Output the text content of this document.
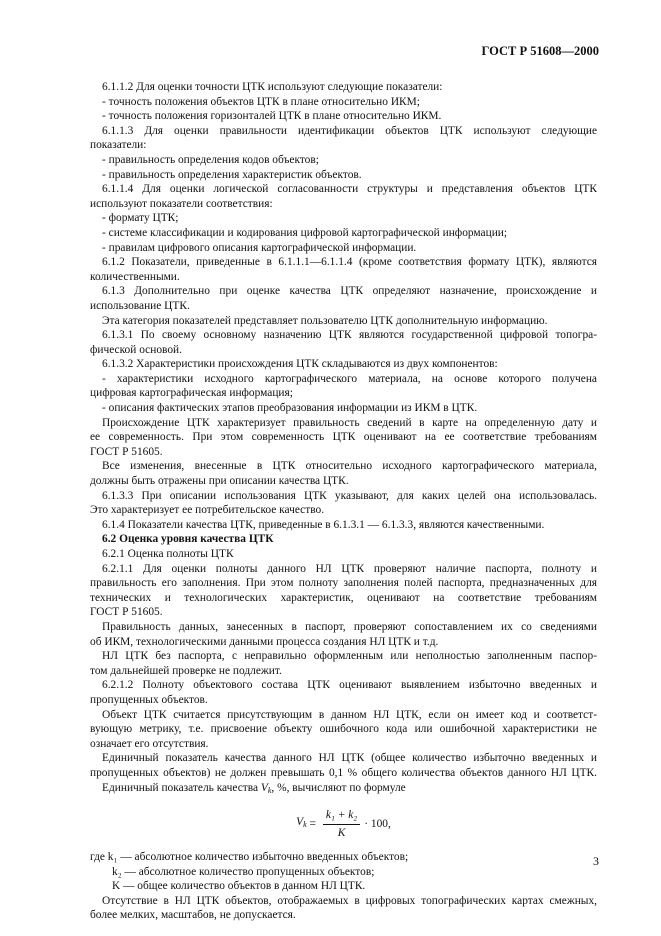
ГОСТ Р 51608—2000
6.1.1.2 Для оценки точности ЦТК используют следующие показатели:
- точность положения объектов ЦТК в плане относительно ИКМ;
- точность положения горизонталей ЦТК в плане относительно ИКМ.
6.1.1.3 Для оценки правильности идентификации объектов ЦТК используют следующие
показатели:
- правильность определения кодов объектов;
- правильность определения характеристик объектов.
6.1.1.4 Для оценки логической согласованности структуры и представления объектов ЦТК
используют показатели соответствия:
- формату ЦТК;
- системе классификации и кодирования цифровой картографической информации;
- правилам цифрового описания картографической информации.
6.1.2 Показатели, приведенные в 6.1.1.1—6.1.1.4 (кроме соответствия формату ЦТК), являются
количественными.
6.1.3 Дополнительно при оценке качества ЦТК определяют назначение, происхождение и
использование ЦТК.
Эта категория показателей представляет пользователю ЦТК дополнительную информацию.
6.1.3.1 По своему основному назначению ЦТК являются государственной цифровой топогра-
фической основой.
6.1.3.2 Характеристики происхождения ЦТК складываются из двух компонентов:
- характеристики исходного картографического материала, на основе которого получена
цифровая картографическая информация;
- описания фактических этапов преобразования информации из ИКМ в ЦТК.
Происхождение ЦТК характеризует правильность сведений в карте на определенную дату и
ее современность. При этом современность ЦТК оценивают на ее соответствие требованиям
ГОСТ Р 51605.
Все изменения, внесенные в ЦТК относительно исходного картографического материала,
должны быть отражены при описании качества ЦТК.
6.1.3.3 При описании использования ЦТК указывают, для каких целей она использовалась.
Это характеризует ее потребительское качество.
6.1.4 Показатели качества ЦТК, приведенные в 6.1.3.1 — 6.1.3.3, являются качественными.
6.2 Оценка уровня качества ЦТК
6.2.1 Оценка полноты ЦТК
6.2.1.1 Для оценки полноты данного НЛ ЦТК проверяют наличие паспорта, полноту и
правильность его заполнения. При этом полноту заполнения полей паспорта, предназначенных для
технических и технологических характеристик, оценивают на соответствие требованиям
ГОСТ Р 51605.
Правильность данных, занесенных в паспорт, проверяют сопоставлением их со сведениями
об ИКМ, технологическими данными процесса создания НЛ ЦТК и т.д.
НЛ ЦТК без паспорта, с неправильно оформленным или неполностью заполненным паспор-
том дальнейшей проверке не подлежит.
6.2.1.2 Полноту объектового состава ЦТК оценивают выявлением избыточно введенных и
пропущенных объектов.
Объект ЦТК считается присутствующим в данном НЛ ЦТК, если он имеет код и соответст-
вующую метрику, т.е. присвоение объекту ошибочного кода или ошибочной характеристики не
означает его отсутствия.
Единичный показатель качества данного НЛ ЦТК (общее количество избыточно введенных и
пропущенных объектов) не должен превышать 0,1 % общего количества объектов данного НЛ ЦТК.
Единичный показатель качества $V_k$, %, вычисляют по формуле
$V_k = \frac{\text{k₁ + k₂}}{K} \cdot 100$,
где k₁ — абсолютное количество избыточно введенных объектов;
k₂ — абсолютное количество пропущенных объектов;
K — общее количество объектов в данном НЛ ЦТК.
Отсутствие в НЛ ЦТК объектов, отображаемых в цифровых топографических картах смежных,
более мелких, масштабов, не допускается.
3
